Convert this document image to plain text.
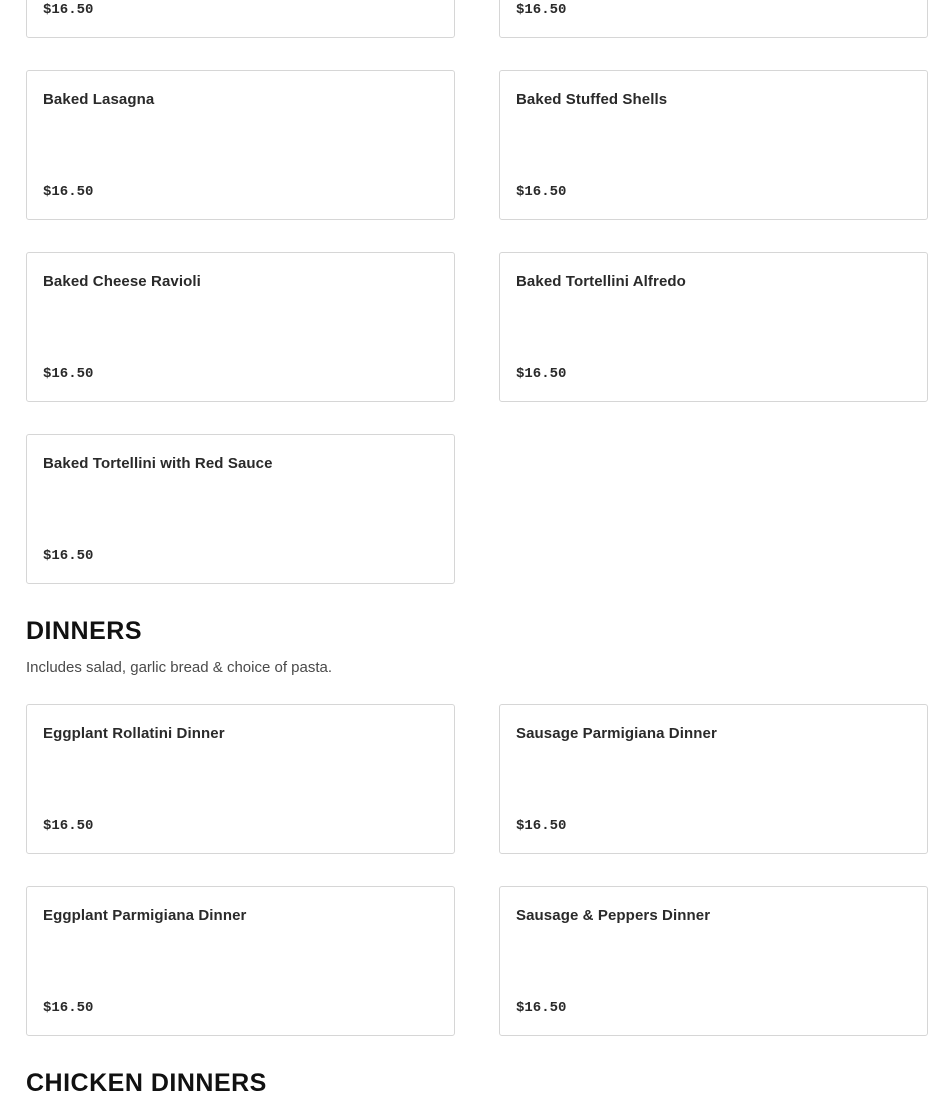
$16.50	$16.50
Baked Lasagna
$16.50
Baked Stuffed Shells
$16.50
Baked Cheese Ravioli
$16.50
Baked Tortellini Alfredo
$16.50
Baked Tortellini with Red Sauce
$16.50
DINNERS

Includes salad, garlic bread & choice of pasta.

Eggplant Rollatini Dinner
$16.50
Sausage Parmigiana Dinner
$16.50
Eggplant Parmigiana Dinner
$16.50
Sausage & Peppers Dinner
$16.50
CHICKEN DINNERS
